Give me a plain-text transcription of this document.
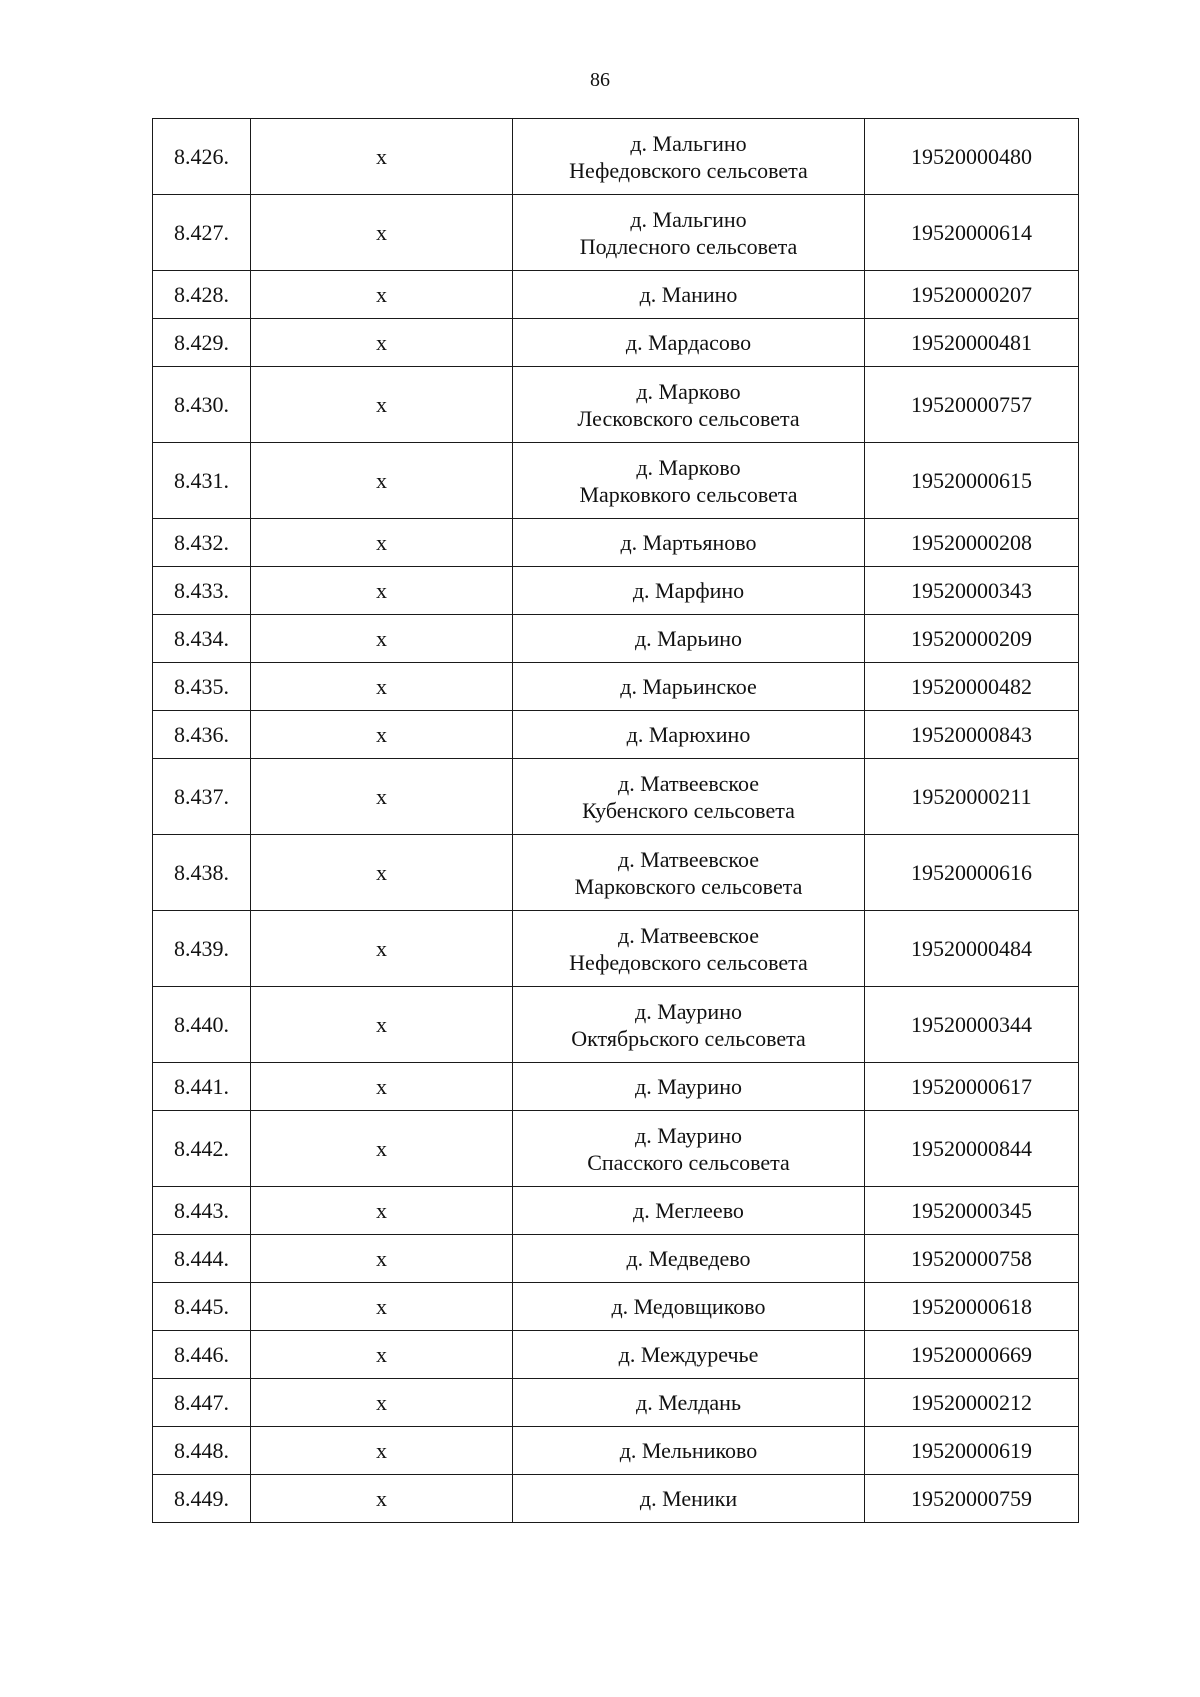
86
8.426.	х	д. Мальгино
Нефедовского сельсовета	19520000480
8.427.	х	д. Мальгино
Подлесного сельсовета	19520000614
8.428.	х	д. Манино	19520000207
8.429.	х	д. Мардасово	19520000481
8.430.	х	д. Марково
Лесковского сельсовета	19520000757
8.431.	х	д. Марково
Марковкого сельсовета	19520000615
8.432.	х	д. Мартьяново	19520000208
8.433.	х	д. Марфино	19520000343
8.434.	х	д. Марьино	19520000209
8.435.	х	д. Марьинское	19520000482
8.436.	х	д. Марюхино	19520000843
8.437.	х	д. Матвеевское
Кубенского сельсовета	19520000211
8.438.	х	д. Матвеевское
Марковского сельсовета	19520000616
8.439.	х	д. Матвеевское
Нефедовского сельсовета	19520000484
8.440.	х	д. Маурино
Октябрьского сельсовета	19520000344
8.441.	х	д. Маурино	19520000617
8.442.	х	д. Маурино
Спасского сельсовета	19520000844
8.443.	х	д. Меглеево	19520000345
8.444.	х	д. Медведево	19520000758
8.445.	х	д. Медовщиково	19520000618
8.446.	х	д. Междуречье	19520000669
8.447.	х	д. Мелдань	19520000212
8.448.	х	д. Мельниково	19520000619
8.449.	х	д. Меники	19520000759
